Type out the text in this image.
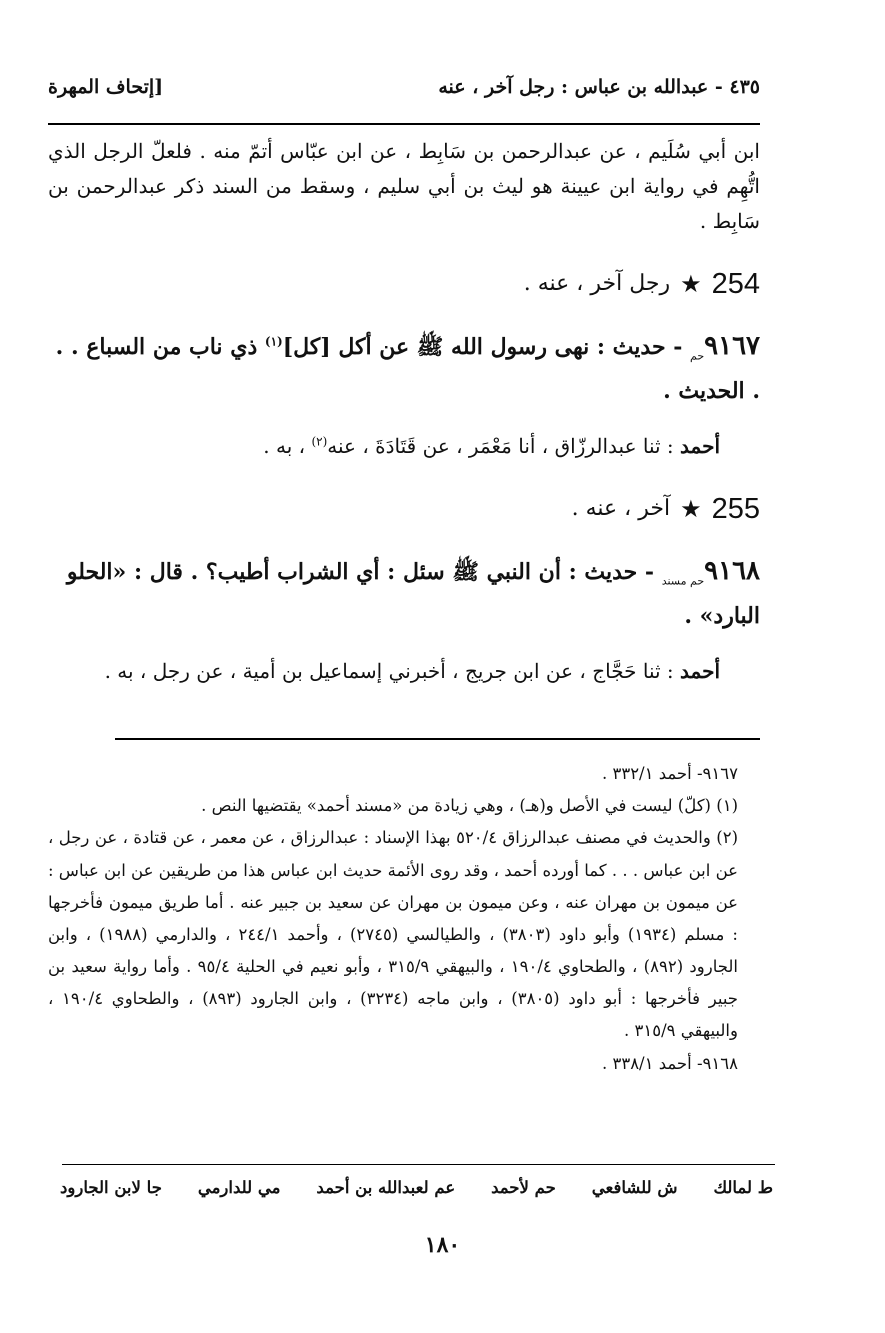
٤٣٥ - عبدالله بن عباس : رجل آخر ، عنه
[إتحاف المهرة

ابن أبي سُلَيم ، عن عبدالرحمن بن سَابِط ، عن ابن عبّاس أتمّ منه . فلعلّ الرجل الذي اتُّهِم في رواية ابن عيينة هو ليث بن أبي سليم ، وسقط من السند ذكر عبدالرحمن بن سَابِط .

254
★
رجل آخر ، عنه .

$٩١٦٧_{حم}$ - حديث : نهى رسول الله ﷺ عن أكل [كل]$^{(١)}$ ذي ناب من السباع . . . الحديث .

أحمد : ثنا عبدالرزّاق ، أنا مَعْمَر ، عن قَتَادَةَ ، عنه$^{(٢)}$ ، به .

255
★
آخر ، عنه .

$٩١٦٨_{حم مسند}$ - حديث : أن النبي ﷺ سئل : أي الشراب أطيب؟ . قال : «الحلو البارد» .

أحمد : ثنا حَجَّاج ، عن ابن جريج ، أخبرني إسماعيل بن أمية ، عن رجل ، به .

٩١٦٧- أحمد ٣٣٢/١ .

(١) (كلّ) ليست في الأصل و(هـ) ، وهي زيادة من «مسند أحمد» يقتضيها النص .

(٢) والحديث في مصنف عبدالرزاق ٥٢٠/٤ بهذا الإسناد : عبدالرزاق ، عن معمر ، عن قتادة ، عن رجل ، عن ابن عباس . . . كما أورده أحمد ، وقد روى الأئمة حديث ابن عباس هذا من طريقين عن ابن عباس : عن ميمون بن مهران عنه ، وعن ميمون بن مهران عن سعيد بن جبير عنه . أما طريق ميمون فأخرجها : مسلم (١٩٣٤) وأبو داود (٣٨٠٣) ، والطيالسي (٢٧٤٥) ، وأحمد ٢٤٤/١ ، والدارمي (١٩٨٨) ، وابن الجارود (٨٩٢) ، والطحاوي ١٩٠/٤ ، والبيهقي ٣١٥/٩ ، وأبو نعيم في الحلية ٩٥/٤ . وأما رواية سعيد بن جبير فأخرجها : أبو داود (٣٨٠٥) ، وابن ماجه (٣٢٣٤) ، وابن الجارود (٨٩٣) ، والطحاوي ١٩٠/٤ ، والبيهقي ٣١٥/٩ .

٩١٦٨- أحمد ٣٣٨/١ .

ط لمالك
ش للشافعي
حم لأحمد
عم لعبدالله بن أحمد
مي للدارمي
جا لابن الجارود
١٨٠
